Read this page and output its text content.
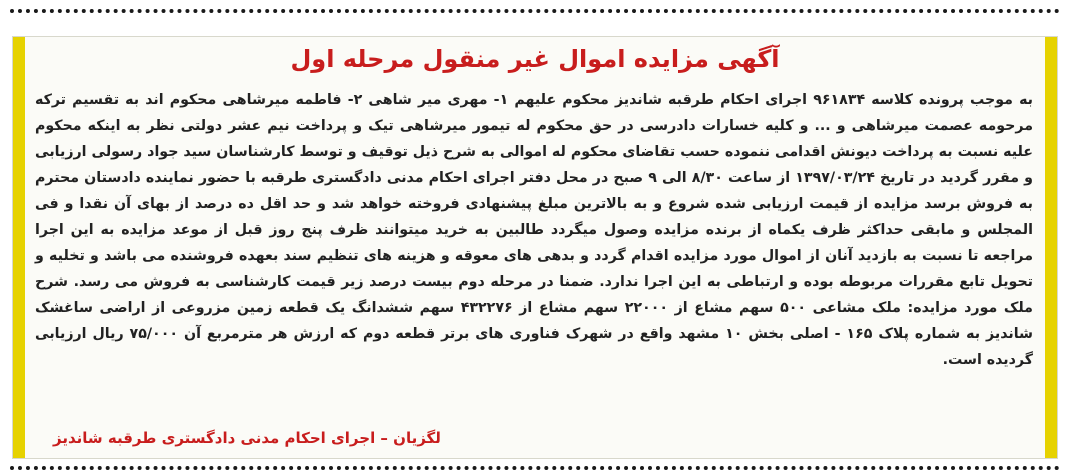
آگهی مزایده اموال غیر منقول مرحله اول

به موجب پرونده کلاسه ۹۶۱۸۳۴ اجرای احکام طرقبه شاندیز محکوم علیهم ۱- مهری میر شاهی ۲- فاطمه میرشاهی محکوم اند به تقسیم ترکه مرحومه عصمت میرشاهی و ... و کلیه خسارات دادرسی در حق محکوم له تیمور میرشاهی تیک و پرداخت نیم عشر دولتی نظر به اینکه محکوم علیه نسبت به پرداخت دیونش اقدامی ننموده حسب تقاضای محکوم له اموالی به شرح ذیل توقیف و توسط کارشناسان سید جواد رسولی ارزیابی و مقرر گردید در تاریخ ۱۳۹۷/۰۳/۲۴ از ساعت ۸/۳۰ الی ۹ صبح در محل دفتر اجرای احکام مدنی دادگستری طرقبه با حضور نماینده دادستان محترم به فروش برسد مزایده از قیمت ارزیابی شده شروع و به بالاترین مبلغ پیشنهادی فروخته خواهد شد و حد اقل ده درصد از بهای آن نقدا و فی المجلس و مابقی حداکثر ظرف یکماه از برنده مزایده وصول میگردد طالبین به خرید میتوانند ظرف پنج روز قبل از موعد مزایده به این اجرا مراجعه تا نسبت به بازدید آنان از اموال مورد مزایده اقدام گردد و بدهی های معوقه و هزینه های تنظیم سند بعهده فروشنده می باشد و تخلیه و تحویل تابع مقررات مربوطه بوده و ارتباطی به این اجرا ندارد. ضمنا در مرحله دوم بیست درصد زیر قیمت کارشناسی به فروش می رسد. شرح ملک مورد مزایده: ملک مشاعی ۵۰۰ سهم مشاع از ۲۲۰۰۰ سهم مشاع از ۴۳۲۲۷۶ سهم ششدانگ یک قطعه زمین مزروعی از اراضی ساغشک شاندیز به شماره پلاک ۱۶۵ - اصلی بخش ۱۰ مشهد واقع در شهرک فناوری های برتر قطعه دوم که ارزش هر مترمربع آن ۷۵/۰۰۰ ریال ارزیابی گردیده است.

لگزیان – اجرای احکام مدنی دادگستری طرقبه شاندیز
